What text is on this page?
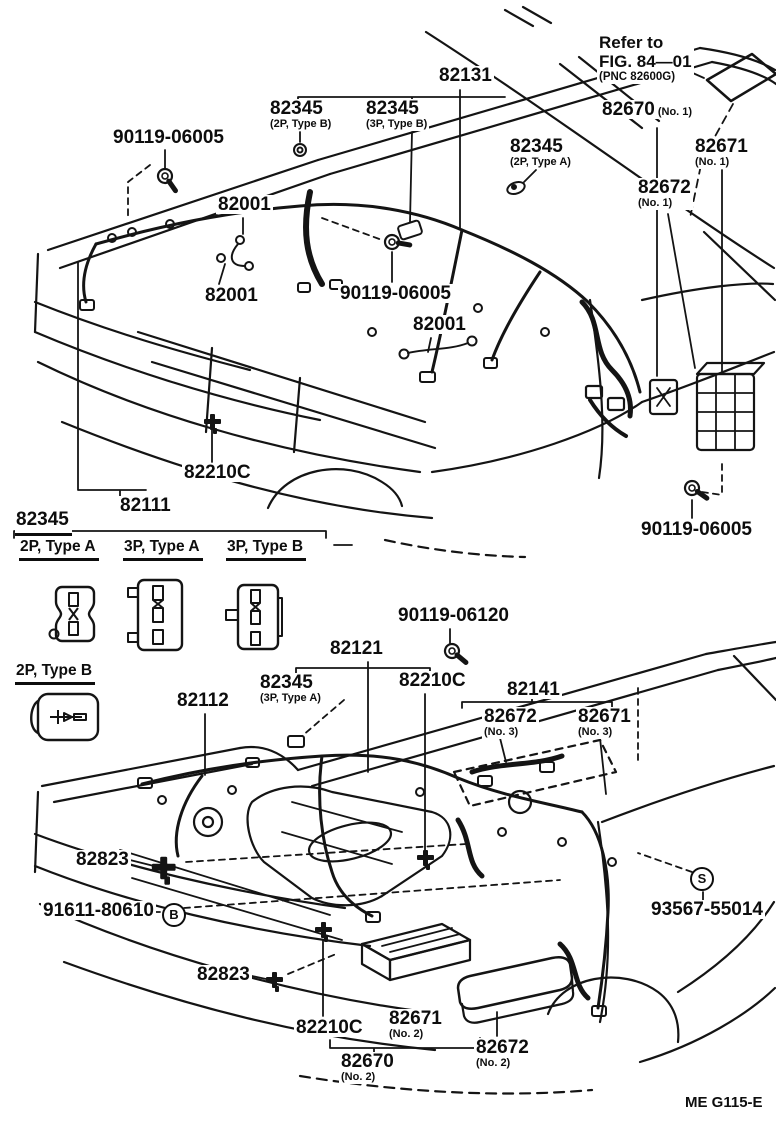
Refer to
FIG. 84—01
(PNC 82600G)
90119-06005
82345
(2P, Type B)
82345
(3P, Type B)
82131
82670 (No. 1)
82345
(2P, Type A)
82671
(No. 1)
82672
(No. 1)
82001
82001	90119-06005
82001
82210C
82111
90119-06005
82345
2P, Type A 3P, Type A 3P, Type B
2P, Type B
90119-06120
82121
82345
(3P, Type A)
82210C 82141
82672
(No. 3)
82671
(No. 3)
82112
82823
91611-80610	B
82823
82210C 82671
(No. 2)
82670
(No. 2)
82672
(No. 2)
S
93567-55014
ME G115-E
